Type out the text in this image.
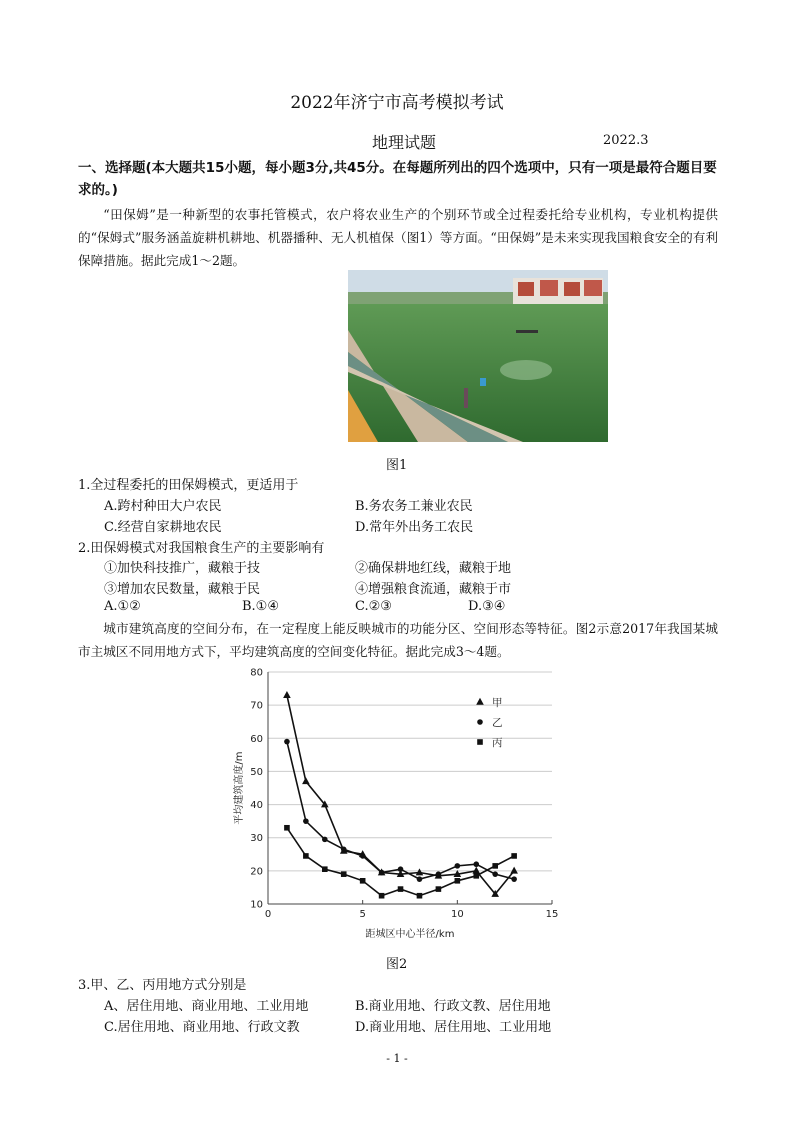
2022年济宁市高考模拟考试
地理试题	2022.3
一、选择题(本大题共15小题，每小题3分,共45分。在每题所列出的四个选项中，只有一项是最符合题目要求的。)
“田保姆”是一种新型的农事托管模式，农户将农业生产的个别环节或全过程委托给专业机构，专业机构提供的“保姆式”服务涵盖旋耕机耕地、机器播种、无人机植保（图1）等方面。“田保姆”是未来实现我国粮食安全的有利保障措施。据此完成1～2题。
图1
1.全过程委托的田保姆模式，更适用于
A.跨村种田大户农民	B.务农务工兼业农民
C.经营自家耕地农民	D.常年外出务工农民
2.田保姆模式对我国粮食生产的主要影响有
①加快科技推广，藏粮于技	②确保耕地红线，藏粮于地
③增加农民数量，藏粮于民	④增强粮食流通，藏粮于市
A.①②	B.①④	C.②③	D.③④
城市建筑高度的空间分布，在一定程度上能反映城市的功能分区、空间形态等特征。图2示意2017年我国某城市主城区不同用地方式下，平均建筑高度的空间变化特征。据此完成3～4题。
10
20
30
40
50
60
70
80
0	5	10	15
距城区中心半径/km
平均建筑高度/m
甲
乙
丙
图2
3.甲、乙、丙用地方式分别是
A、居住用地、商业用地、工业用地	B.商业用地、行政文教、居住用地
C.居住用地、商业用地、行政文教	D.商业用地、居住用地、工业用地
- 1 -
